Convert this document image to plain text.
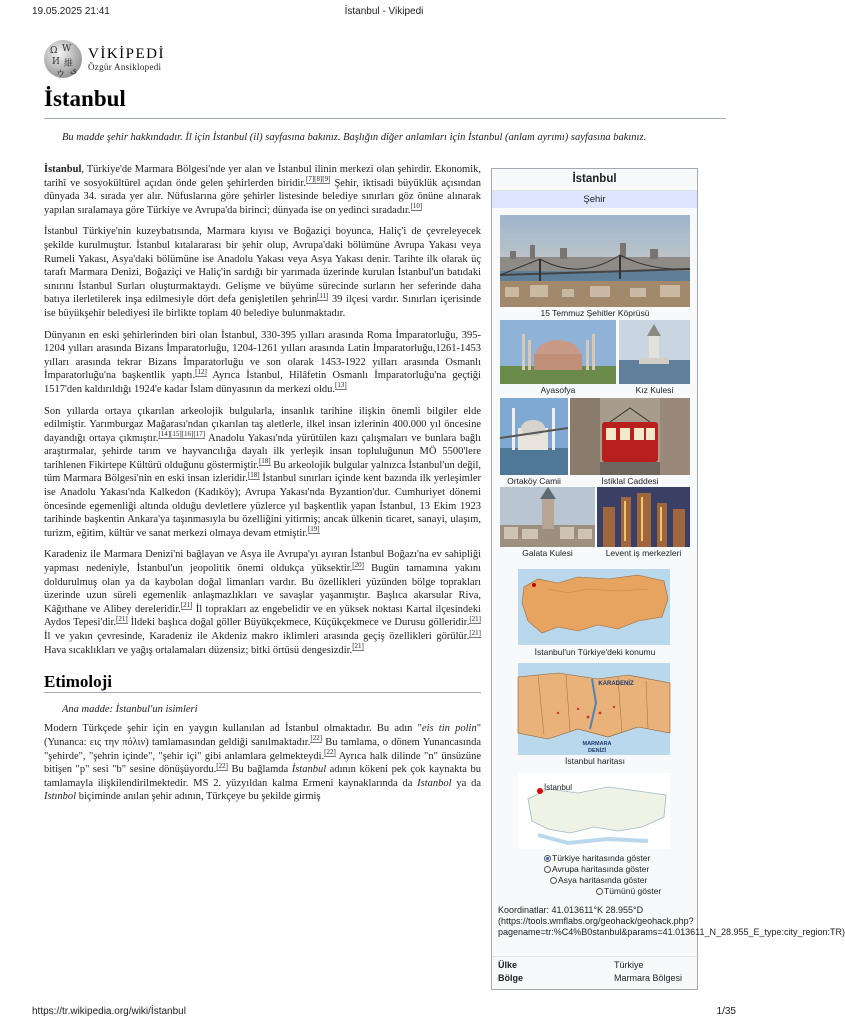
19.05.2025 21:41	İstanbul - Vikipedi
Ω W
И 維
ウ ی
VİKİPEDİ
Özgür Ansiklopedi
İstanbul
Bu madde şehir hakkındadır. İl için İstanbul (il) sayfasına bakınız. Başlığın diğer anlamları için İstanbul (anlam ayrımı) sayfasına bakınız.

İstanbul, Türkiye'de Marmara Bölgesi'nde yer alan ve İstanbul ilinin merkezi olan şehirdir. Ekonomik, tarihî ve sosyokültürel açıdan önde gelen şehirlerden biridir.[7][8][9] Şehir, iktisadi büyüklük açısından dünyada 34. sırada yer alır. Nüfuslarına göre şehirler listesinde belediye sınırları göz önüne alınarak yapılan sıralamaya göre Türkiye ve Avrupa'da birinci; dünyada ise on yedinci sıradadır.[10]

İstanbul Türkiye'nin kuzeybatısında, Marmara kıyısı ve Boğaziçi boyunca, Haliç'i de çevreleyecek şekilde kurulmuştur. İstanbul kıtalararası bir şehir olup, Avrupa'daki bölümüne Avrupa Yakası veya Rumeli Yakası, Asya'daki bölümüne ise Anadolu Yakası veya Asya Yakası denir. Tarihte ilk olarak üç tarafı Marmara Denizi, Boğaziçi ve Haliç'in sardığı bir yarımada üzerinde kurulan İstanbul'un batıdaki sınırını İstanbul Surları oluşturmaktaydı. Gelişme ve büyüme sürecinde surların her seferinde daha batıya ilerletilerek inşa edilmesiyle dört defa genişletilen şehrin[11] 39 ilçesi vardır. Sınırları içerisinde ise büyükşehir belediyesi ile birlikte toplam 40 belediye bulunmaktadır.

Dünyanın en eski şehirlerinden biri olan İstanbul, 330-395 yılları arasında Roma İmparatorluğu, 395-1204 yılları arasında Bizans İmparatorluğu, 1204-1261 yılları arasında Latin İmparatorluğu,1261-1453 yılları arasında tekrar Bizans İmparatorluğu ve son olarak 1453-1922 yılları arasında Osmanlı İmparatorluğu'na başkentlik yaptı.[12] Ayrıca İstanbul, Hilâfetin Osmanlı İmparatorluğu'na geçtiği 1517'den kaldırıldığı 1924'e kadar İslam dünyasının da merkezi oldu.[13]

Son yıllarda ortaya çıkarılan arkeolojik bulgularla, insanlık tarihine ilişkin önemli bilgiler elde edilmiştir. Yarımburgaz Mağarası'ndan çıkarılan taş aletlerle, ilkel insan izlerinin 400.000 yıl öncesine dayandığı ortaya çıkmıştır.[14][15][16][17] Anadolu Yakası'nda yürütülen kazı çalışmaları ve bunlara bağlı araştırmalar, şehirde tarım ve hayvancılığa dayalı ilk yerleşik insan topluluğunun MÖ 5500'lere tarihlenen Fikirtepe Kültürü olduğunu göstermiştir.[18] Bu arkeolojik bulgular yalnızca İstanbul'un değil, tüm Marmara Bölgesi'nin en eski insan izleridir.[18] İstanbul sınırları içinde kent bazında ilk yerleşimler ise Anadolu Yakası'nda Kalkedon (Kadıköy); Avrupa Yakası'nda Byzantion'dur. Cumhuriyet dönemi öncesinde egemenliği altında olduğu devletlere yüzlerce yıl başkentlik yapan İstanbul, 13 Ekim 1923 tarihinde başkentin Ankara'ya taşınmasıyla bu özelliğini yitirmiş; ancak ülkenin ticaret, sanayi, ulaşım, turizm, eğitim, kültür ve sanat merkezi olmaya devam etmiştir.[19]

Karadeniz ile Marmara Denizi'ni bağlayan ve Asya ile Avrupa'yı ayıran İstanbul Boğazı'na ev sahipliği yapması nedeniyle, İstanbul'un jeopolitik önemi oldukça yüksektir.[20] Bugün tamamına yakını doldurulmuş olan ya da kaybolan doğal limanları vardır. Bu özellikleri yüzünden bölge toprakları üzerinde uzun süreli egemenlik anlaşmazlıkları ve savaşlar yaşanmıştır. Başlıca akarsular Riva, Kâğıthane ve Alibey dereleridir.[21] İl toprakları az engebelidir ve en yüksek noktası Kartal ilçesindeki Aydos Tepesi'dir.[21] İldeki başlıca doğal göller Büyükçekmece, Küçükçekmece ve Durusu gölleridir.[21] İl ve yakın çevresinde, Karadeniz ile Akdeniz makro iklimleri arasında geçiş özellikleri görülür.[21] Hava sıcaklıkları ve yağış ortalamaları düzensiz; bitki örtüsü dengesizdir.[21]

Etimoloji
Ana madde: İstanbul'un isimleri

Modern Türkçede şehir için en yaygın kullanılan ad İstanbul olmaktadır. Bu adın "eis tin polin" (Yunanca: εις την πόλιν) tamlamasından geldiği sanılmaktadır.[22] Bu tamlama, o dönem Yunancasında "şehirde", "şehrin içinde", "şehir içi" gibi anlamlara gelmekteydi.[22] Ayrıca halk dilinde "n" ünsüzüne bitişen "p" sesi "b" sesine dönüşüyordu.[22] Bu bağlamda İstanbul adının kökeni pek çok kaynakta bu tamlamayla ilişkilendirilmektedir. MS 2. yüzyıldan kalma Ermeni kaynaklarında da Istanbol ya da Istınbol biçiminde anılan şehir adının, Türkçeye bu şekilde girmiş

İstanbul
Şehir
15 Temmuz Şehitler Köprüsü
Ayasofya	Kız Kulesi
Ortaköy Camii	İstiklal Caddesi
Galata Kulesi	Levent iş merkezleri
İstanbul'un Türkiye'deki konumu
KARADENİZ
MARMARA DENİZİ
İstanbul haritası
İstanbul
Türkiye haritasında göster
Avrupa haritasında göster
Asya haritasında göster
Tümünü göster
Koordinatlar: 41.013611°K 28.955°D (https://tools.wmflabs.org/geohack/geohack.php?pagename=tr:%C4%B0stanbul&params=41.013611_N_28.955_E_type:city_region:TR)
Ülke	Türkiye
Bölge	Marmara Bölgesi
https://tr.wikipedia.org/wiki/İstanbul	1/35
